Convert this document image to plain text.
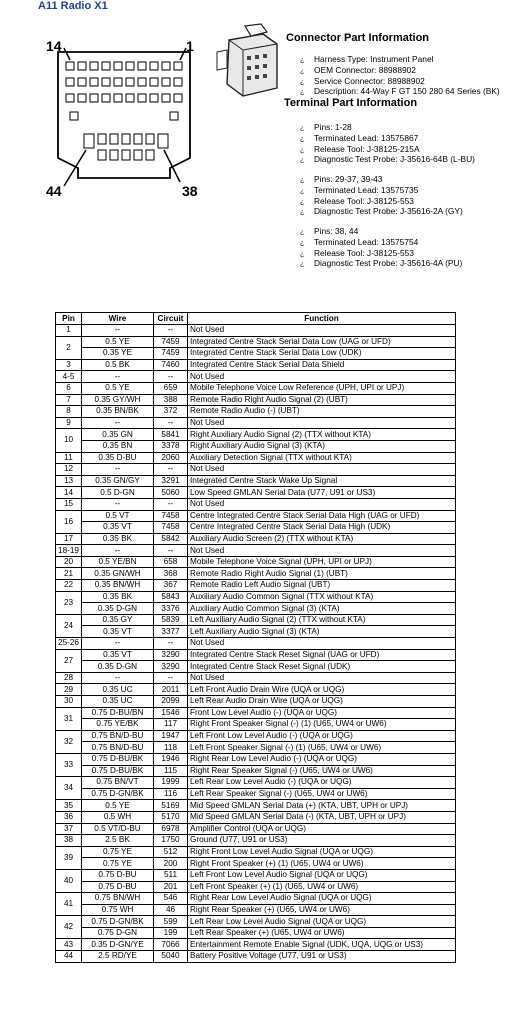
A11 Radio X1
14	1
44	38
Connector Part Information
¿ Harness Type: Instrument Panel
¿ OEM Connector: 88988902
¿ Service Connector: 88988902
¿ Description: 44-Way F GT 150 280 64 Series (BK)
Terminal Part Information
¿ Pins: 1-28
¿ Terminated Lead: 13575867
¿ Release Tool: J-38125-215A
¿ Diagnostic Test Probe: J-35616-64B (L-BU)
¿ Pins: 29-37, 39-43
¿ Terminated Lead: 13575735
¿ Release Tool: J-38125-553
¿ Diagnostic Test Probe: J-35616-2A (GY)
¿ Pins: 38, 44
¿ Terminated Lead: 13575754
¿ Release Tool: J-38125-553
¿ Diagnostic Test Probe: J-35616-4A (PU)
Pin	Wire	Circuit	Function
1	--	--	Not Used
2	0.5 YE	7459	Integrated Centre Stack Serial Data Low (UAG or UFD)
	0.35 YE	7459	Integrated Centre Stack Serial Data Low (UDK)
3	0.5 BK	7460	Integrated Centre Stack Serial Data Shield
4-5	--	--	Not Used
6	0.5 YE	659	Mobile Telephone Voice Low Reference (UPH, UPI or UPJ)
7	0.35 GY/WH	388	Remote Radio Right Audio Signal (2) (UBT)
8	0.35 BN/BK	372	Remote Radio Audio (-) (UBT)
9	--	--	Not Used
10	0.35 GN	5841	Right Auxiliary Audio Signal (2) (TTX without KTA)
	0.35 BN	3378	Right Auxiliary Audio Signal (3) (KTA)
11	0.35 D-BU	2060	Auxiliary Detection Signal (TTX without KTA)
12	--	--	Not Used
13	0.35 GN/GY	3291	Integrated Centre Stack Wake Up Signal
14	0.5 D-GN	5060	Low Speed GMLAN Serial Data (U77, U91 or US3)
15	--	--	Not Used
16	0.5 VT	7458	Centre Integrated Centre Stack Serial Data High (UAG or UFD)
	0.35 VT	7458	Centre Integrated Centre Stack Serial Data High (UDK)
17	0.35 BK	5842	Auxiliary Audio Screen (2) (TTX without KTA)
18-19	--	--	Not Used
20	0.5 YE/BN	658	Mobile Telephone Voice Signal (UPH, UPI or UPJ)
21	0.35 GN/WH	368	Remote Radio Right Audio Signal (1) (UBT)
22	0.35 BN/WH	367	Remote Radio Left Audio Signal (UBT)
23	0.35 BK	5843	Auxiliary Audio Common Signal (TTX without KTA)
	0.35 D-GN	3376	Auxiliary Audio Common Signal (3) (KTA)
24	0.35 GY	5839	Left Auxiliary Audio Signal (2) (TTX without KTA)
	0.35 VT	3377	Left Auxiliary Audio Signal (3) (KTA)
25-26	--	--	Not Used
27	0.35 VT	3290	Integrated Centre Stack Reset Signal (UAG or UFD)
	0.35 D-GN	3290	Integrated Centre Stack Reset Signal (UDK)
28	--	--	Not Used
29	0.35 UC	2011	Left Front Audio Drain Wire (UQA or UQG)
30	0.35 UC	2099	Left Rear Audio Drain Wire (UQA or UQG)
31	0.75 D-BU/BN	1546	Front Low Level Audio (-) (UQA or UQG)
	0.75 YE/BK	117	Right Front Speaker Signal (-) (1) (U65, UW4 or UW6)
32	0.75 BN/D-BU	1947	Left Front Low Level Audio (-) (UQA or UQG)
	0.75 BN/D-BU	118	Left Front Speaker Signal (-) (1) (U65, UW4 or UW6)
33	0.75 D-BU/BK	1946	Right Rear Low Level Audio (-) (UQA or UQG)
	0.75 D-BU/BK	115	Right Rear Speaker Signal (-) (U65, UW4 or UW6)
34	0.75 BN/VT	1999	Left Rear Low Level Audio (-) (UQA or UQG)
	0.75 D-GN/BK	116	Left Rear Speaker Signal (-) (U65, UW4 or UW6)
35	0.5 YE	5169	Mid Speed GMLAN Serial Data (+) (KTA, UBT, UPH or UPJ)
36	0.5 WH	5170	Mid Speed GMLAN Serial Data (-) (KTA, UBT, UPH or UPJ)
37	0.5 VT/D-BU	6978	Amplifier Control (UQA or UQG)
38	2.5 BK	1750	Ground (U77, U91 or US3)
39	0.75 YE	512	Right Front Low Level Audio Signal (UQA or UQG)
	0.75 YE	200	Right Front Speaker (+) (1) (U65, UW4 or UW6)
40	0.75 D-BU	511	Left Front Low Level Audio Signal (UQA or UQG)
	0.75 D-BU	201	Left Front Speaker (+) (1) (U65, UW4 or UW6)
41	0.75 BN/WH	546	Right Rear Low Level Audio Signal (UQA or UQG)
	0.75 WH	46	Right Rear Speaker (+) (U65, UW4 or UW6)
42	0.75 D-GN/BK	599	Left Rear Low Level Audio Signal (UQA or UQG)
	0.75 D-GN	199	Left Rear Speaker (+) (U65, UW4 or UW6)
43	0.35 D-GN/YE	7066	Entertainment Remote Enable Signal (UDK, UQA, UQG or US3)
44	2.5 RD/YE	5040	Battery Positive Voltage (U77, U91 or US3)
